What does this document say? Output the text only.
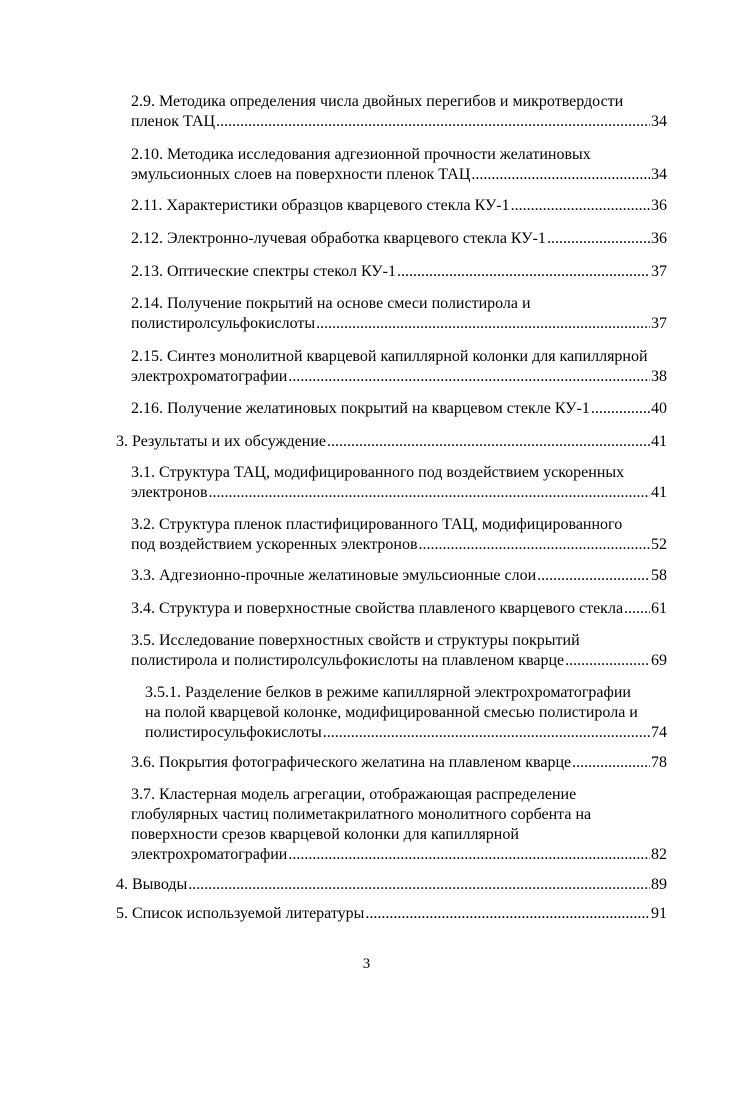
2.9. Методика определения числа двойных перегибов и микротвердости
пленок ТАЦ .....	34
2.10. Методика исследования адгезионной прочности желатиновых
эмульсионных слоев на поверхности пленок ТАЦ .....	34
2.11. Характеристики образцов кварцевого стекла КУ-1 .....	36
2.12. Электронно-лучевая обработка кварцевого стекла КУ-1 .....	36
2.13. Оптические спектры стекол КУ-1 .....	37
2.14. Получение покрытий на основе смеси полистирола и
полистиролсульфокислоты .....	37
2.15. Синтез монолитной кварцевой капиллярной колонки для капиллярной
электрохроматографии .....	38
2.16. Получение желатиновых покрытий на кварцевом стекле КУ-1 .....	40
3. Результаты и их обсуждение .....	41
3.1. Структура ТАЦ, модифицированного под воздействием ускоренных
электронов .....	41
3.2. Структура пленок пластифицированного ТАЦ, модифицированного
под воздействием ускоренных электронов .....	52
3.3. Адгезионно-прочные желатиновые эмульсионные слои .....	58
3.4. Структура и поверхностные свойства плавленого кварцевого стекла ..... 61
3.5. Исследование поверхностных свойств и структуры покрытий
полистирола и полистиролсульфокислоты на плавленом кварце .....	69
3.5.1. Разделение белков в режиме капиллярной электрохроматографии
на полой кварцевой колонке, модифицированной смесью полистирола и
полистиросульфокислоты .....	74
3.6. Покрытия фотографического желатина на плавленом кварце .....	78
3.7. Кластерная модель агрегации, отображающая распределение
глобулярных частиц полиметакрилатного монолитного сорбента на
поверхности срезов кварцевой колонки для капиллярной
электрохроматографии .....	82
4. Выводы .....	89
5. Список используемой литературы .....	91
3
